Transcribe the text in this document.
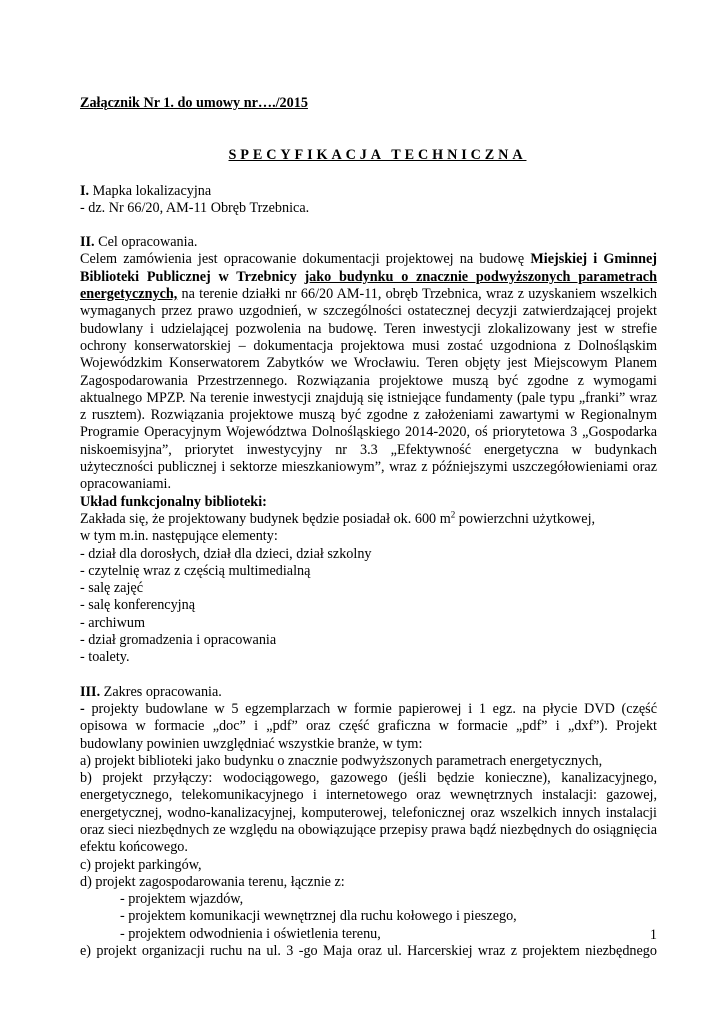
Załącznik Nr 1. do umowy nr…./2015

SPECYFIKACJA TECHNICZNA

I. Mapka lokalizacyjna

- dz. Nr 66/20, AM-11 Obręb Trzebnica.

II. Cel opracowania.

Celem zamówienia jest opracowanie dokumentacji projektowej na budowę Miejskiej i Gminnej Biblioteki Publicznej w Trzebnicy jako budynku o znacznie podwyższonych parametrach energetycznych, na terenie działki nr 66/20 AM-11, obręb Trzebnica, wraz z uzyskaniem wszelkich wymaganych przez prawo uzgodnień, w szczególności ostatecznej decyzji zatwierdzającej projekt budowlany i udzielającej pozwolenia na budowę. Teren inwestycji zlokalizowany jest w strefie ochrony konserwatorskiej – dokumentacja projektowa musi zostać uzgodniona z Dolnośląskim Wojewódzkim Konserwatorem Zabytków we Wrocławiu. Teren objęty jest Miejscowym Planem Zagospodarowania Przestrzennego. Rozwiązania projektowe muszą być zgodne z wymogami aktualnego MPZP. Na terenie inwestycji znajdują się istniejące fundamenty (pale typu „franki” wraz z rusztem). Rozwiązania projektowe muszą być zgodne z założeniami zawartymi w Regionalnym Programie Operacyjnym Województwa Dolnośląskiego 2014-2020, oś priorytetowa 3 „Gospodarka niskoemisyjna”, priorytet inwestycyjny nr 3.3 „Efektywność energetyczna w budynkach użyteczności publicznej i sektorze mieszkaniowym”, wraz z późniejszymi uszczegółowieniami oraz opracowaniami.

Układ funkcjonalny biblioteki:

Zakłada się, że projektowany budynek będzie posiadał ok. 600 $m^2$ powierzchni użytkowej,

w tym m.in. następujące elementy:

- dział dla dorosłych, dział dla dzieci, dział szkolny

- czytelnię wraz z częścią multimedialną

- salę zajęć

- salę konferencyjną

- archiwum

- dział gromadzenia i opracowania

- toalety.

III. Zakres opracowania.

- projekty budowlane w 5 egzemplarzach w formie papierowej i 1 egz. na płycie DVD (część opisowa w formacie „doc” i „pdf” oraz część graficzna w formacie „pdf” i „dxf”). Projekt budowlany powinien uwzględniać wszystkie branże, w tym:

a) projekt biblioteki jako budynku o znacznie podwyższonych parametrach energetycznych,

b) projekt przyłączy: wodociągowego, gazowego (jeśli będzie konieczne), kanalizacyjnego, energetycznego, telekomunikacyjnego i internetowego oraz wewnętrznych instalacji: gazowej, energetycznej, wodno-kanalizacyjnej, komputerowej, telefonicznej oraz wszelkich innych instalacji oraz sieci niezbędnych ze względu na obowiązujące przepisy prawa bądź niezbędnych do osiągnięcia efektu końcowego.

c) projekt parkingów,

d) projekt zagospodarowania terenu, łącznie z:

- projektem wjazdów,

- projektem komunikacji wewnętrznej dla ruchu kołowego i pieszego,

- projektem odwodnienia i oświetlenia terenu,

e) projekt organizacji ruchu na ul. 3 -go Maja oraz ul. Harcerskiej wraz z projektem niezbędnego

1
